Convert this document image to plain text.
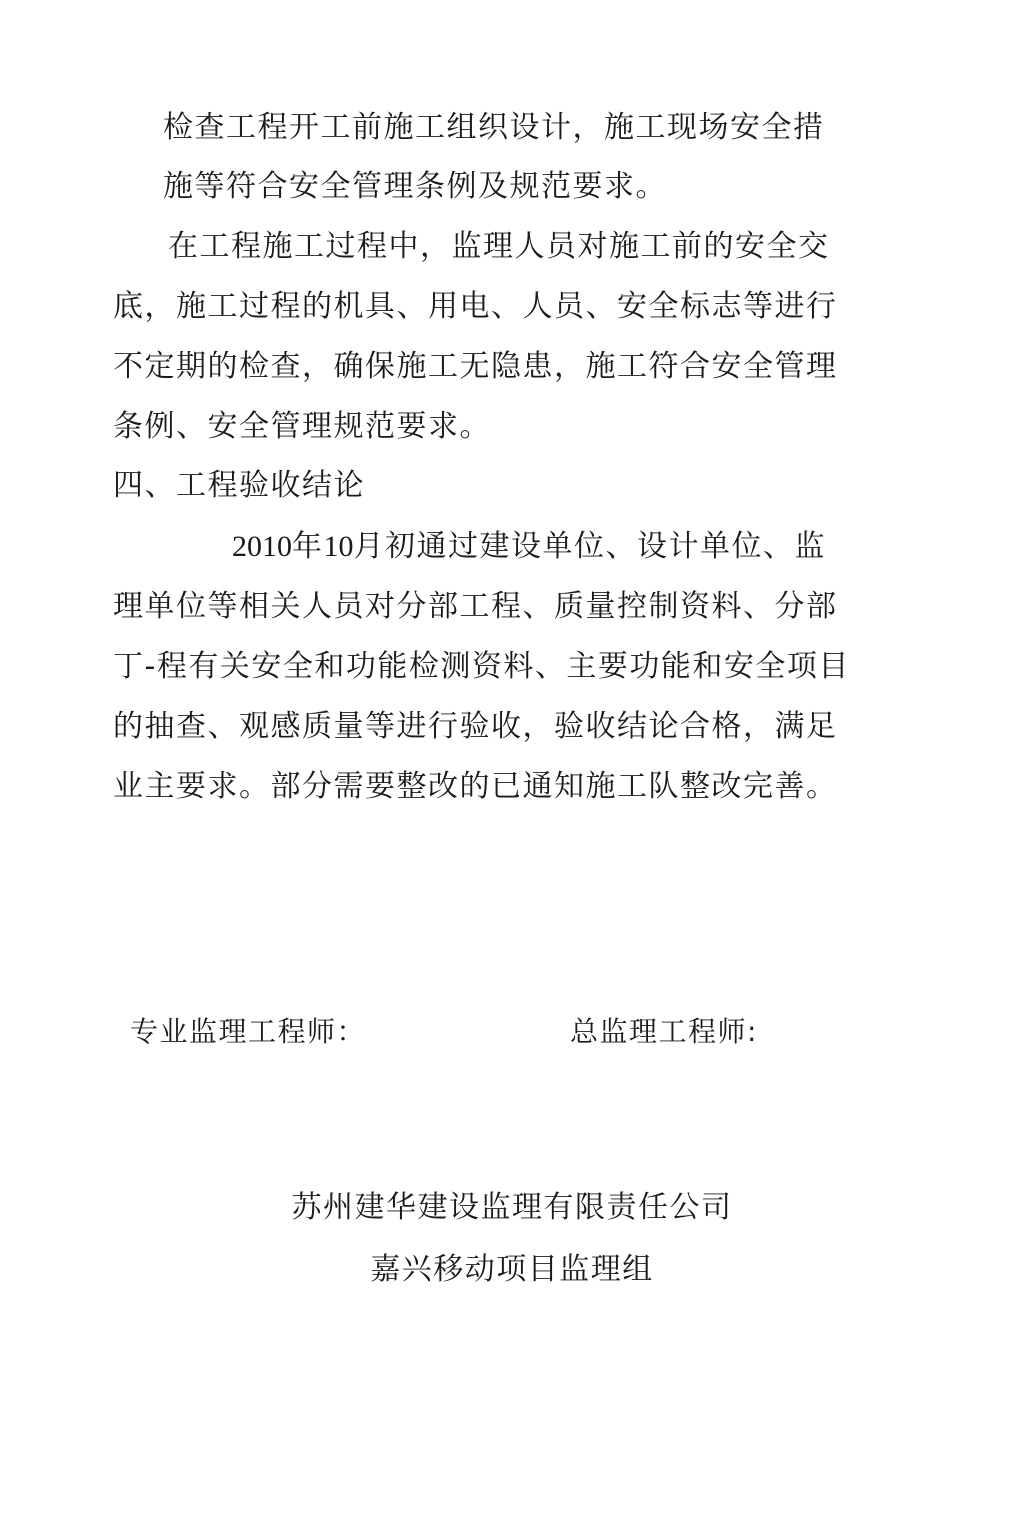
检查工程开工前施工组织设计，施工现场安全措
施等符合安全管理条例及规范要求。
在工程施工过程中，监理人员对施工前的安全交
底，施工过程的机具、用电、人员、安全标志等进行
不定期的检查，确保施工无隐患，施工符合安全管理
条例、安全管理规范要求。
四、工程验收结论
2010年10月初通过建设单位、设计单位、监
理单位等相关人员对分部工程、质量控制资料、分部
丁-程有关安全和功能检测资料、主要功能和安全项目
的抽查、观感质量等进行验收，验收结论合格，满足
业主要求。部分需要整改的已通知施工队整改完善。
专业监理工程师：	总监理工程师:
苏州建华建设监理有限责任公司
嘉兴移动项目监理组
